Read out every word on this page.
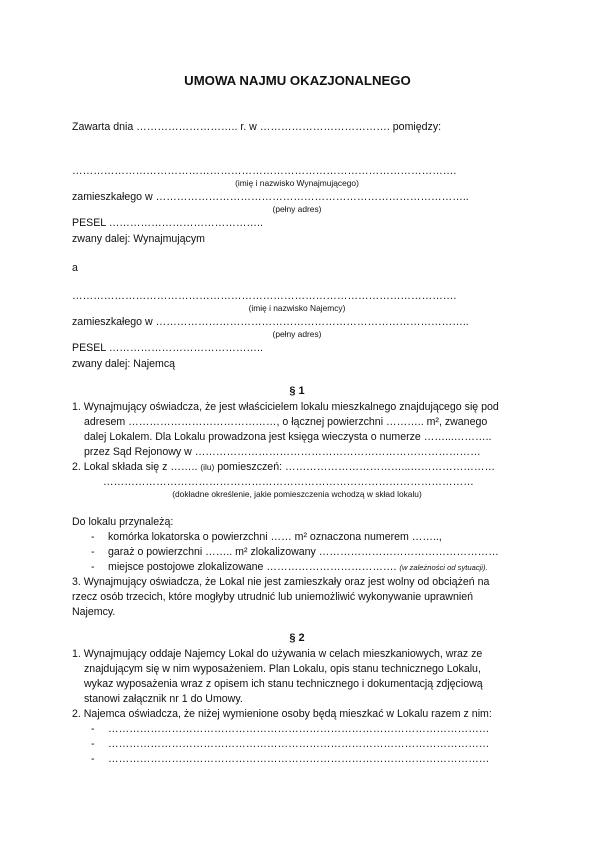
UMOWA NAJMU OKAZJONALNEGO
Zawarta dnia ……………………….. r. w ………………………………. pomiędzy:
……………………………………………………………………………………………….
(imię i nazwisko Wynajmującego)
zamieszkałego w ……………………………………………………………………………..
(pełny adres)
PESEL ……………………………………..
zwany dalej: Wynajmującym
a
……………………………………………………………………………………………….
(imię i nazwisko Najemcy)
zamieszkałego w ……………………………………………………………………………..
(pełny adres)
PESEL ……………………………………..
zwany dalej: Najemcą
§ 1
1. Wynajmujący oświadcza, że jest właścicielem lokalu mieszkalnego znajdującego się pod
adresem ……………………………………, o łącznej powierzchni ……….. m², zwanego
dalej Lokalem. Dla Lokalu prowadzona jest księga wieczysta o numerze ……...………..
przez Sąd Rejonowy w ………………………………………………………………………
2. Lokal składa się z …….. (ilu) pomieszczeń: ……………………………...……………………
……………………………………………………………………………………………
(dokładne określenie, jakie pomieszczenia wchodzą w skład lokalu)
Do lokalu przynależą:
- komórka lokatorska o powierzchni …… m² oznaczona numerem ……..,
- garaż o powierzchni …….. m² zlokalizowany ……………………………………………
- miejsce postojowe zlokalizowane ………………………………. (w zależności od sytuacji).
3. Wynajmujący oświadcza, że Lokal nie jest zamieszkały oraz jest wolny od obciążeń na
rzecz osób trzecich, które mogłyby utrudnić lub uniemożliwić wykonywanie uprawnień
Najemcy.
§ 2
1. Wynajmujący oddaje Najemcy Lokal do używania w celach mieszkaniowych, wraz ze
znajdującym się w nim wyposażeniem. Plan Lokalu, opis stanu technicznego Lokalu,
wykaz wyposażenia wraz z opisem ich stanu technicznego i dokumentacją zdjęciową
stanowi załącznik nr 1 do Umowy.
2. Najemca oświadcza, że niżej wymienione osoby będą mieszkać w Lokalu razem z nim:
- ………………………………………………………………………………………………
- ………………………………………………………………………………………………
- ………………………………………………………………………………………………
